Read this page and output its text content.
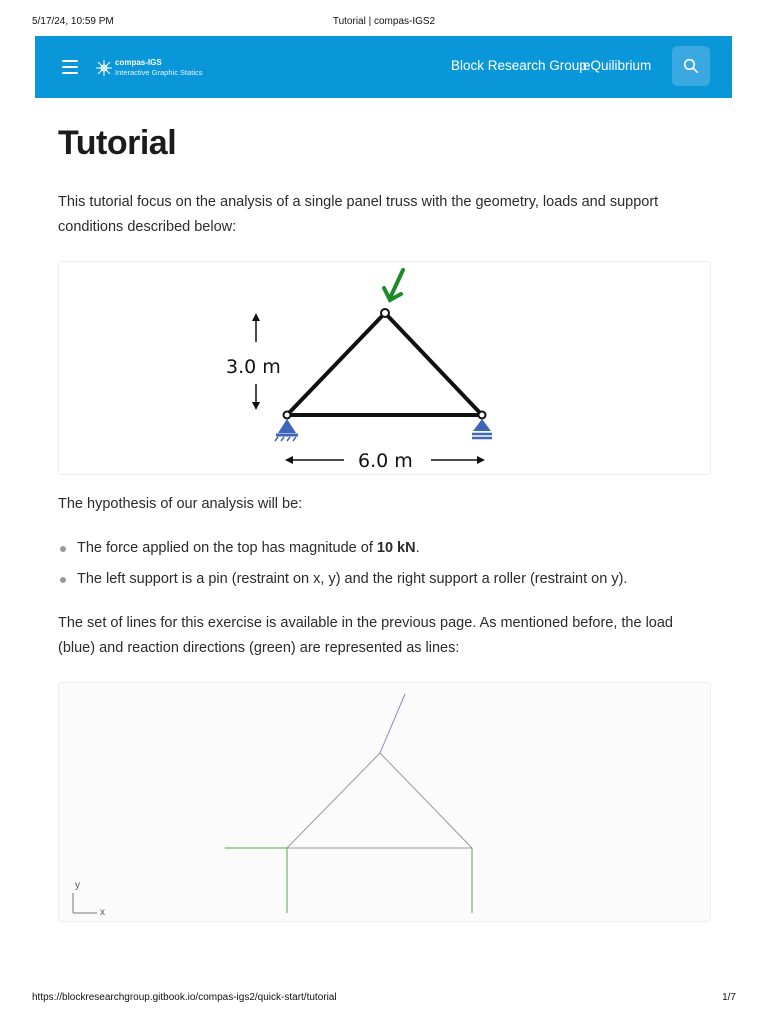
5/17/24, 10:59 PM	Tutorial | compas-IGS2
compas-IGS
Interactive Graphic Statics	Block Research Group
eQuilibrium
Tutorial

This tutorial focus on the analysis of a single panel truss with the geometry, loads and support conditions described below:

3.0 m
6.0 m

The hypothesis of our analysis will be:

The force applied on the top has magnitude of 10 kN.
The left support is a pin (restraint on x, y) and the right support a roller (restraint on y).

The set of lines for this exercise is available in the previous page. As mentioned before, the load (blue) and reaction directions (green) are represented as lines:

y
x
https://blockresearchgroup.gitbook.io/compas-igs2/quick-start/tutorial	1/7
